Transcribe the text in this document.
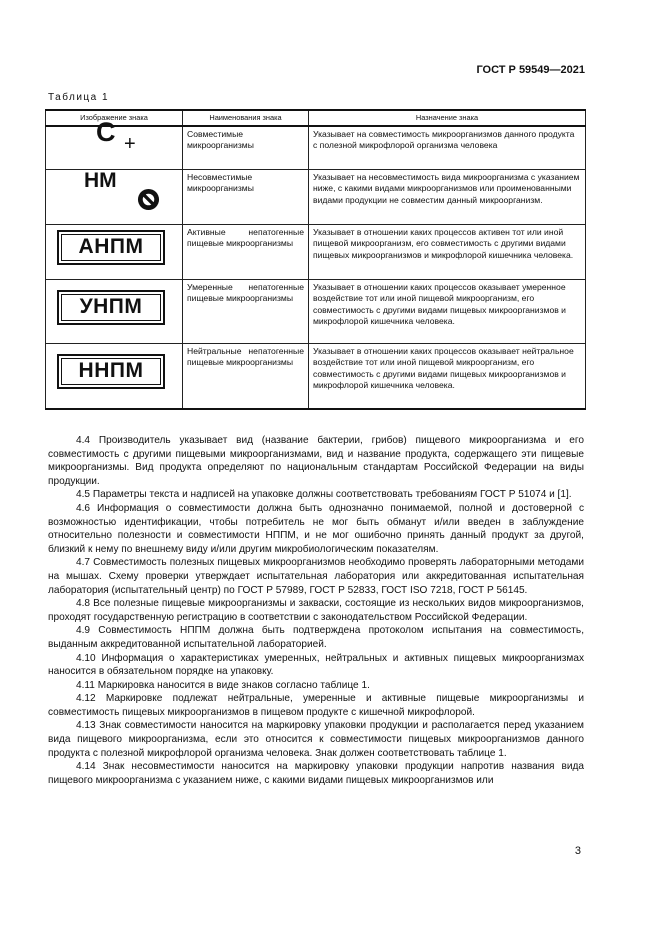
ГОСТ Р 59549—2021
Таблица 1
Изображение знака	Наименования знака	Назначение знака

С +	Совместимые микроорганизмы	Указывает на совместимость микроорганизмов данного продукта с полезной микрофлорой организма человека

НМ	Несовместимые микроорганизмы	Указывает на несовместимость вида микроорганизма с указанием ниже, с какими видами микроорганизмов или проименованными видами продукции не совместим данный микроорганизм.

АНПМ	Активные непатогенные пищевые микроорганизмы	Указывает в отношении каких процессов активен тот или иной пищевой микроорганизм, его совместимость с другими видами пищевых микроорганизмов и микрофлорой кишечника человека.

УНПМ	Умеренные непатогенные пищевые микроорганизмы	Указывает в отношении каких процессов оказывает умеренное воздействие тот или иной пищевой микроорганизм, его совместимость с другими видами пищевых микроорганизмов и микрофлорой кишечника человека.

ННПМ	Нейтральные непатогенные пищевые микроорганизмы	Указывает в отношении каких процессов оказывает нейтральное воздействие тот или иной пищевой микроорганизм, его совместимость с другими видами пищевых микроорганизмов и микрофлорой кишечника человека.

4.4 Производитель указывает вид (название бактерии, грибов) пищевого микроорганизма и его совместимость с другими пищевыми микроорганизмами, вид и название продукта, содержащего эти пищевые микроорганизмы. Вид продукта определяют по национальным стандартам Российской Федерации на виды продукции.

4.5 Параметры текста и надписей на упаковке должны соответствовать требованиям ГОСТ Р 51074 и [1].

4.6 Информация о совместимости должна быть однозначно понимаемой, полной и достоверной с возможностью идентификации, чтобы потребитель не мог быть обманут и/или введен в заблуждение относительно полезности и совместимости НППМ, и не мог ошибочно принять данный продукт за другой, близкий к нему по внешнему виду и/или другим микробиологическим показателям.

4.7 Совместимость полезных пищевых микроорганизмов необходимо проверять лабораторными методами на мышах. Схему проверки утверждает испытательная лаборатория или аккредитованная испытательная лаборатория (испытательный центр) по ГОСТ Р 57989, ГОСТ Р 52833, ГОСТ ISO 7218, ГОСТ Р 56145.

4.8 Все полезные пищевые микроорганизмы и закваски, состоящие из нескольких видов микроорганизмов, проходят государственную регистрацию в соответствии с законодательством Российской Федерации.

4.9 Совместимость НППМ должна быть подтверждена протоколом испытания на совместимость, выданным аккредитованной испытательной лабораторией.

4.10 Информация о характеристиках умеренных, нейтральных и активных пищевых микроорганизмах наносится в обязательном порядке на упаковку.

4.11 Маркировка наносится в виде знаков согласно таблице 1.

4.12 Маркировке подлежат нейтральные, умеренные и активные пищевые микроорганизмы и совместимость пищевых микроорганизмов в пищевом продукте с кишечной микрофлорой.

4.13 Знак совместимости наносится на маркировку упаковки продукции и располагается перед указанием вида пищевого микроорганизма, если это относится к совместимости пищевых микроорганизмов данного продукта с полезной микрофлорой организма человека. Знак должен соответствовать таблице 1.

4.14 Знак несовместимости наносится на маркировку упаковки продукции напротив названия вида пищевого микроорганизма с указанием ниже, с какими видами пищевых микроорганизмов или

3
